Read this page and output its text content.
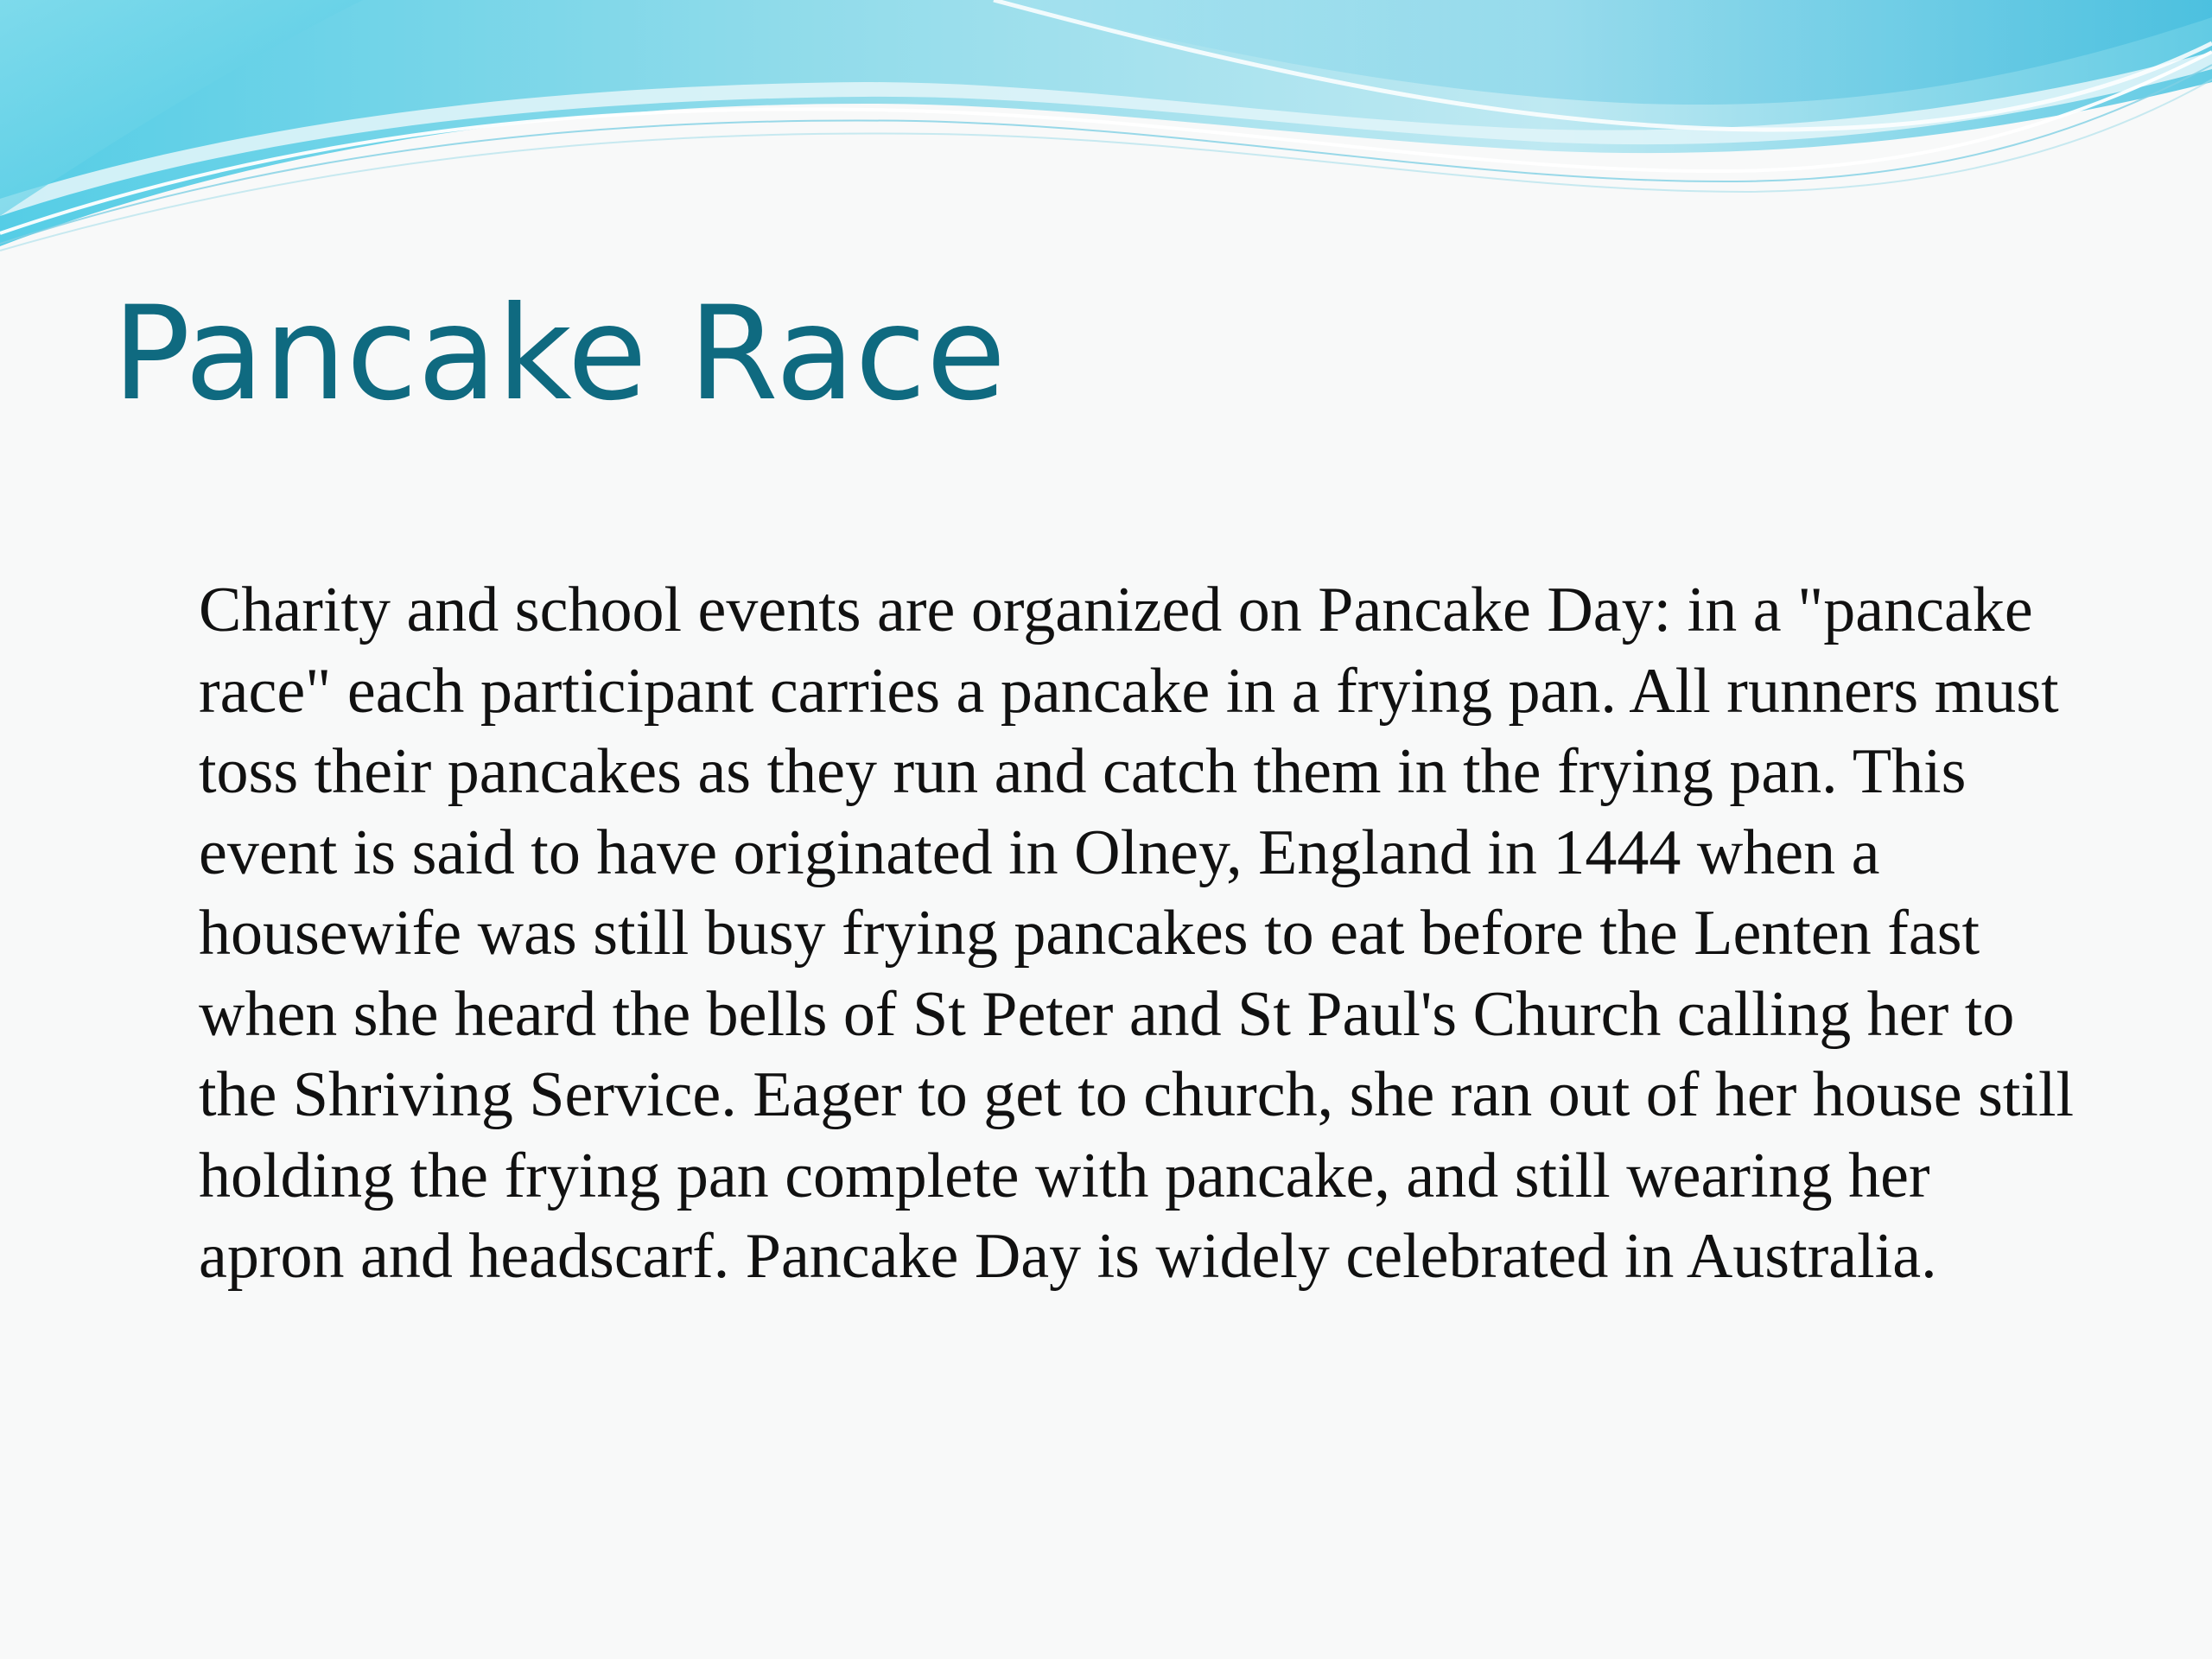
Pancake Race

Charity and school events are organized on Pancake Day: in a "pancake race" each participant carries a pancake in a frying pan. All runners must toss their pancakes as they run and catch them in the frying pan. This event is said to have originated in Olney, England in 1444 when a housewife was still busy frying pancakes to eat before the Lenten fast when she heard the bells of St Peter and St Paul's Church calling her to the Shriving Service. Eager to get to church, she ran out of her house still holding the frying pan complete with pancake, and still wearing her apron and headscarf. Pancake Day is widely celebrated in Australia.
